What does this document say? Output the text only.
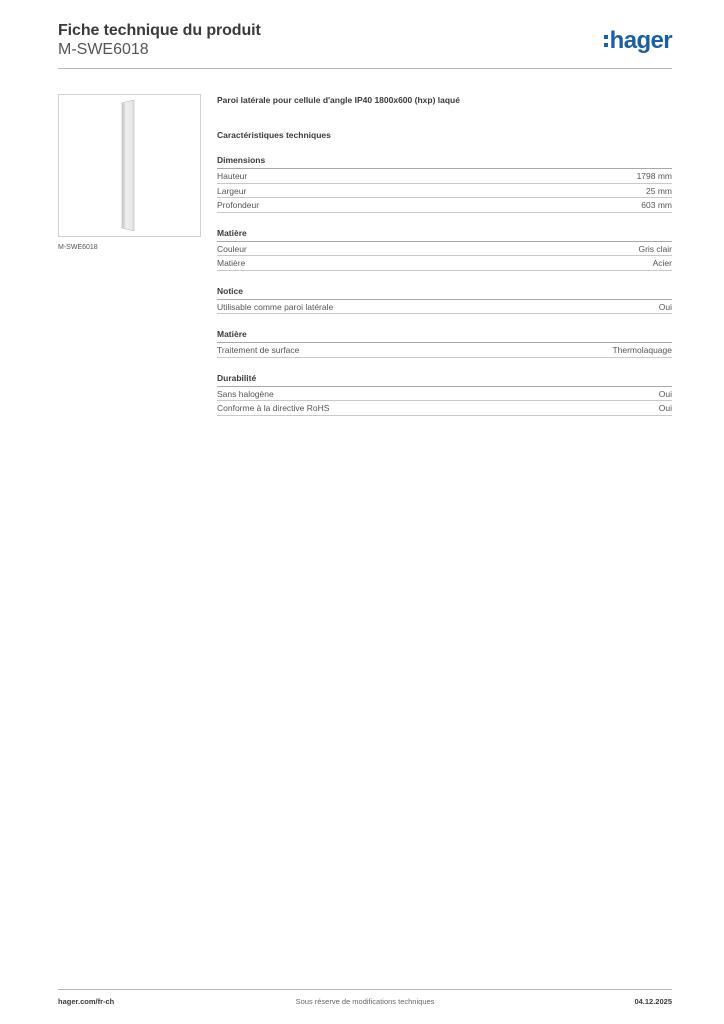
Fiche technique du produit
M-SWE6018	hager
M-SWE6018
Paroi latérale pour cellule d'angle IP40 1800x600 (hxp) laqué
Caractéristiques techniques
Dimensions
Hauteur	1798 mm
Largeur	25 mm
Profondeur	603 mm
Matière
Couleur	Gris clair
Matière	Acier
Notice
Utilisable comme paroi latérale	Oui
Matière
Traitement de surface	Thermolaquage
Durabilité
Sans halogène	Oui
Conforme à la directive RoHS	Oui
hager.com/fr-ch	Sous réserve de modifications techniques	04.12.2025
